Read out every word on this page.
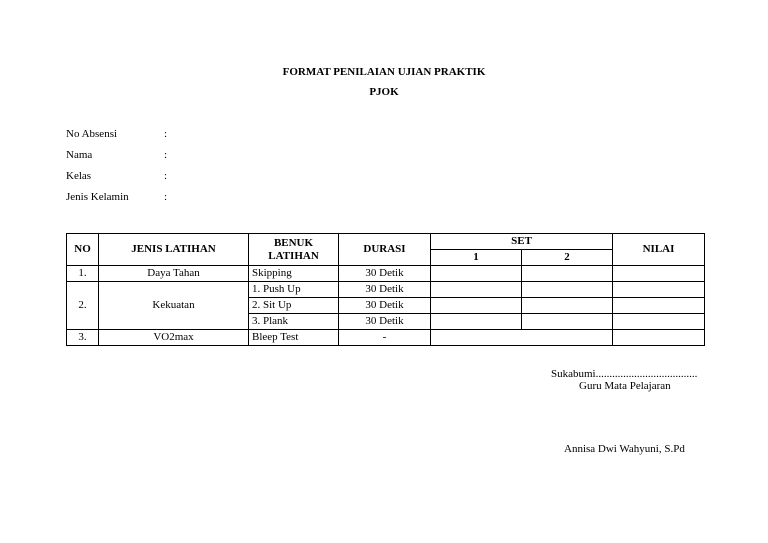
FORMAT PENILAIAN UJIAN PRAKTIK
PJOK
No Absensi	:
Nama	:
Kelas	:
Jenis Kelamin	:
NO	JENIS LATIHAN	BENUK LATIHAN	DURASI	SET		NILAI
				1	2	
1.	Daya Tahan	Skipping	30 Detik			
2.	Kekuatan	1. Push Up	30 Detik			
		2. Sit Up	30 Detik			
		3. Plank	30 Detik			
3.	VO2max	Bleep Test	-			
Sukabumi.....................................
Guru Mata Pelajaran
Annisa Dwi Wahyuni, S.Pd
